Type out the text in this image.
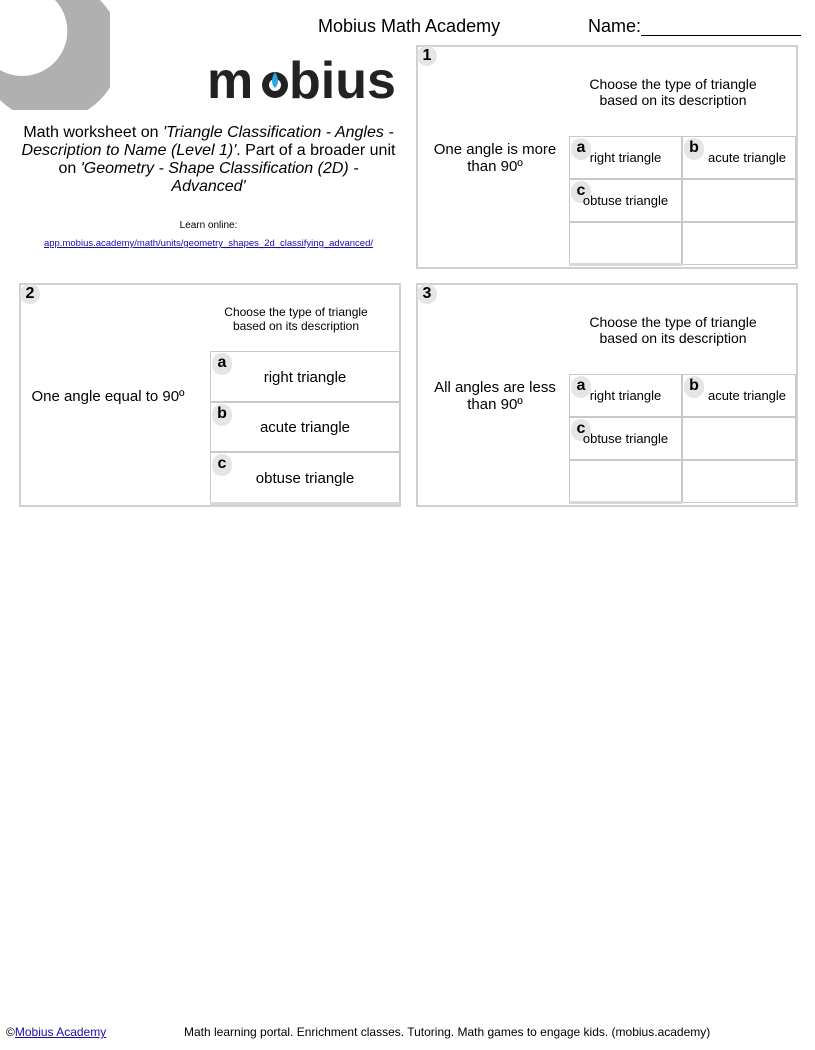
Mobius Math Academy	Name:
m bius
Math worksheet on 'Triangle Classification - Angles - Description to Name (Level 1)'. Part of a broader unit on 'Geometry - Shape Classification (2D) - Advanced'
Learn online:
app.mobius.academy/math/units/geometry_shapes_2d_classifying_advanced/
1
Choose the type of triangle based on its description
One angle is more than 90º
a
right triangle
b
acute triangle
c
obtuse triangle
2
Choose the type of triangle based on its description
One angle equal to 90º
a
right triangle
b
acute triangle
c
obtuse triangle
3
Choose the type of triangle based on its description
All angles are less than 90º
a
right triangle
b
acute triangle
c
obtuse triangle
©Mobius Academy	Math learning portal. Enrichment classes. Tutoring. Math games to engage kids. (mobius.academy)
